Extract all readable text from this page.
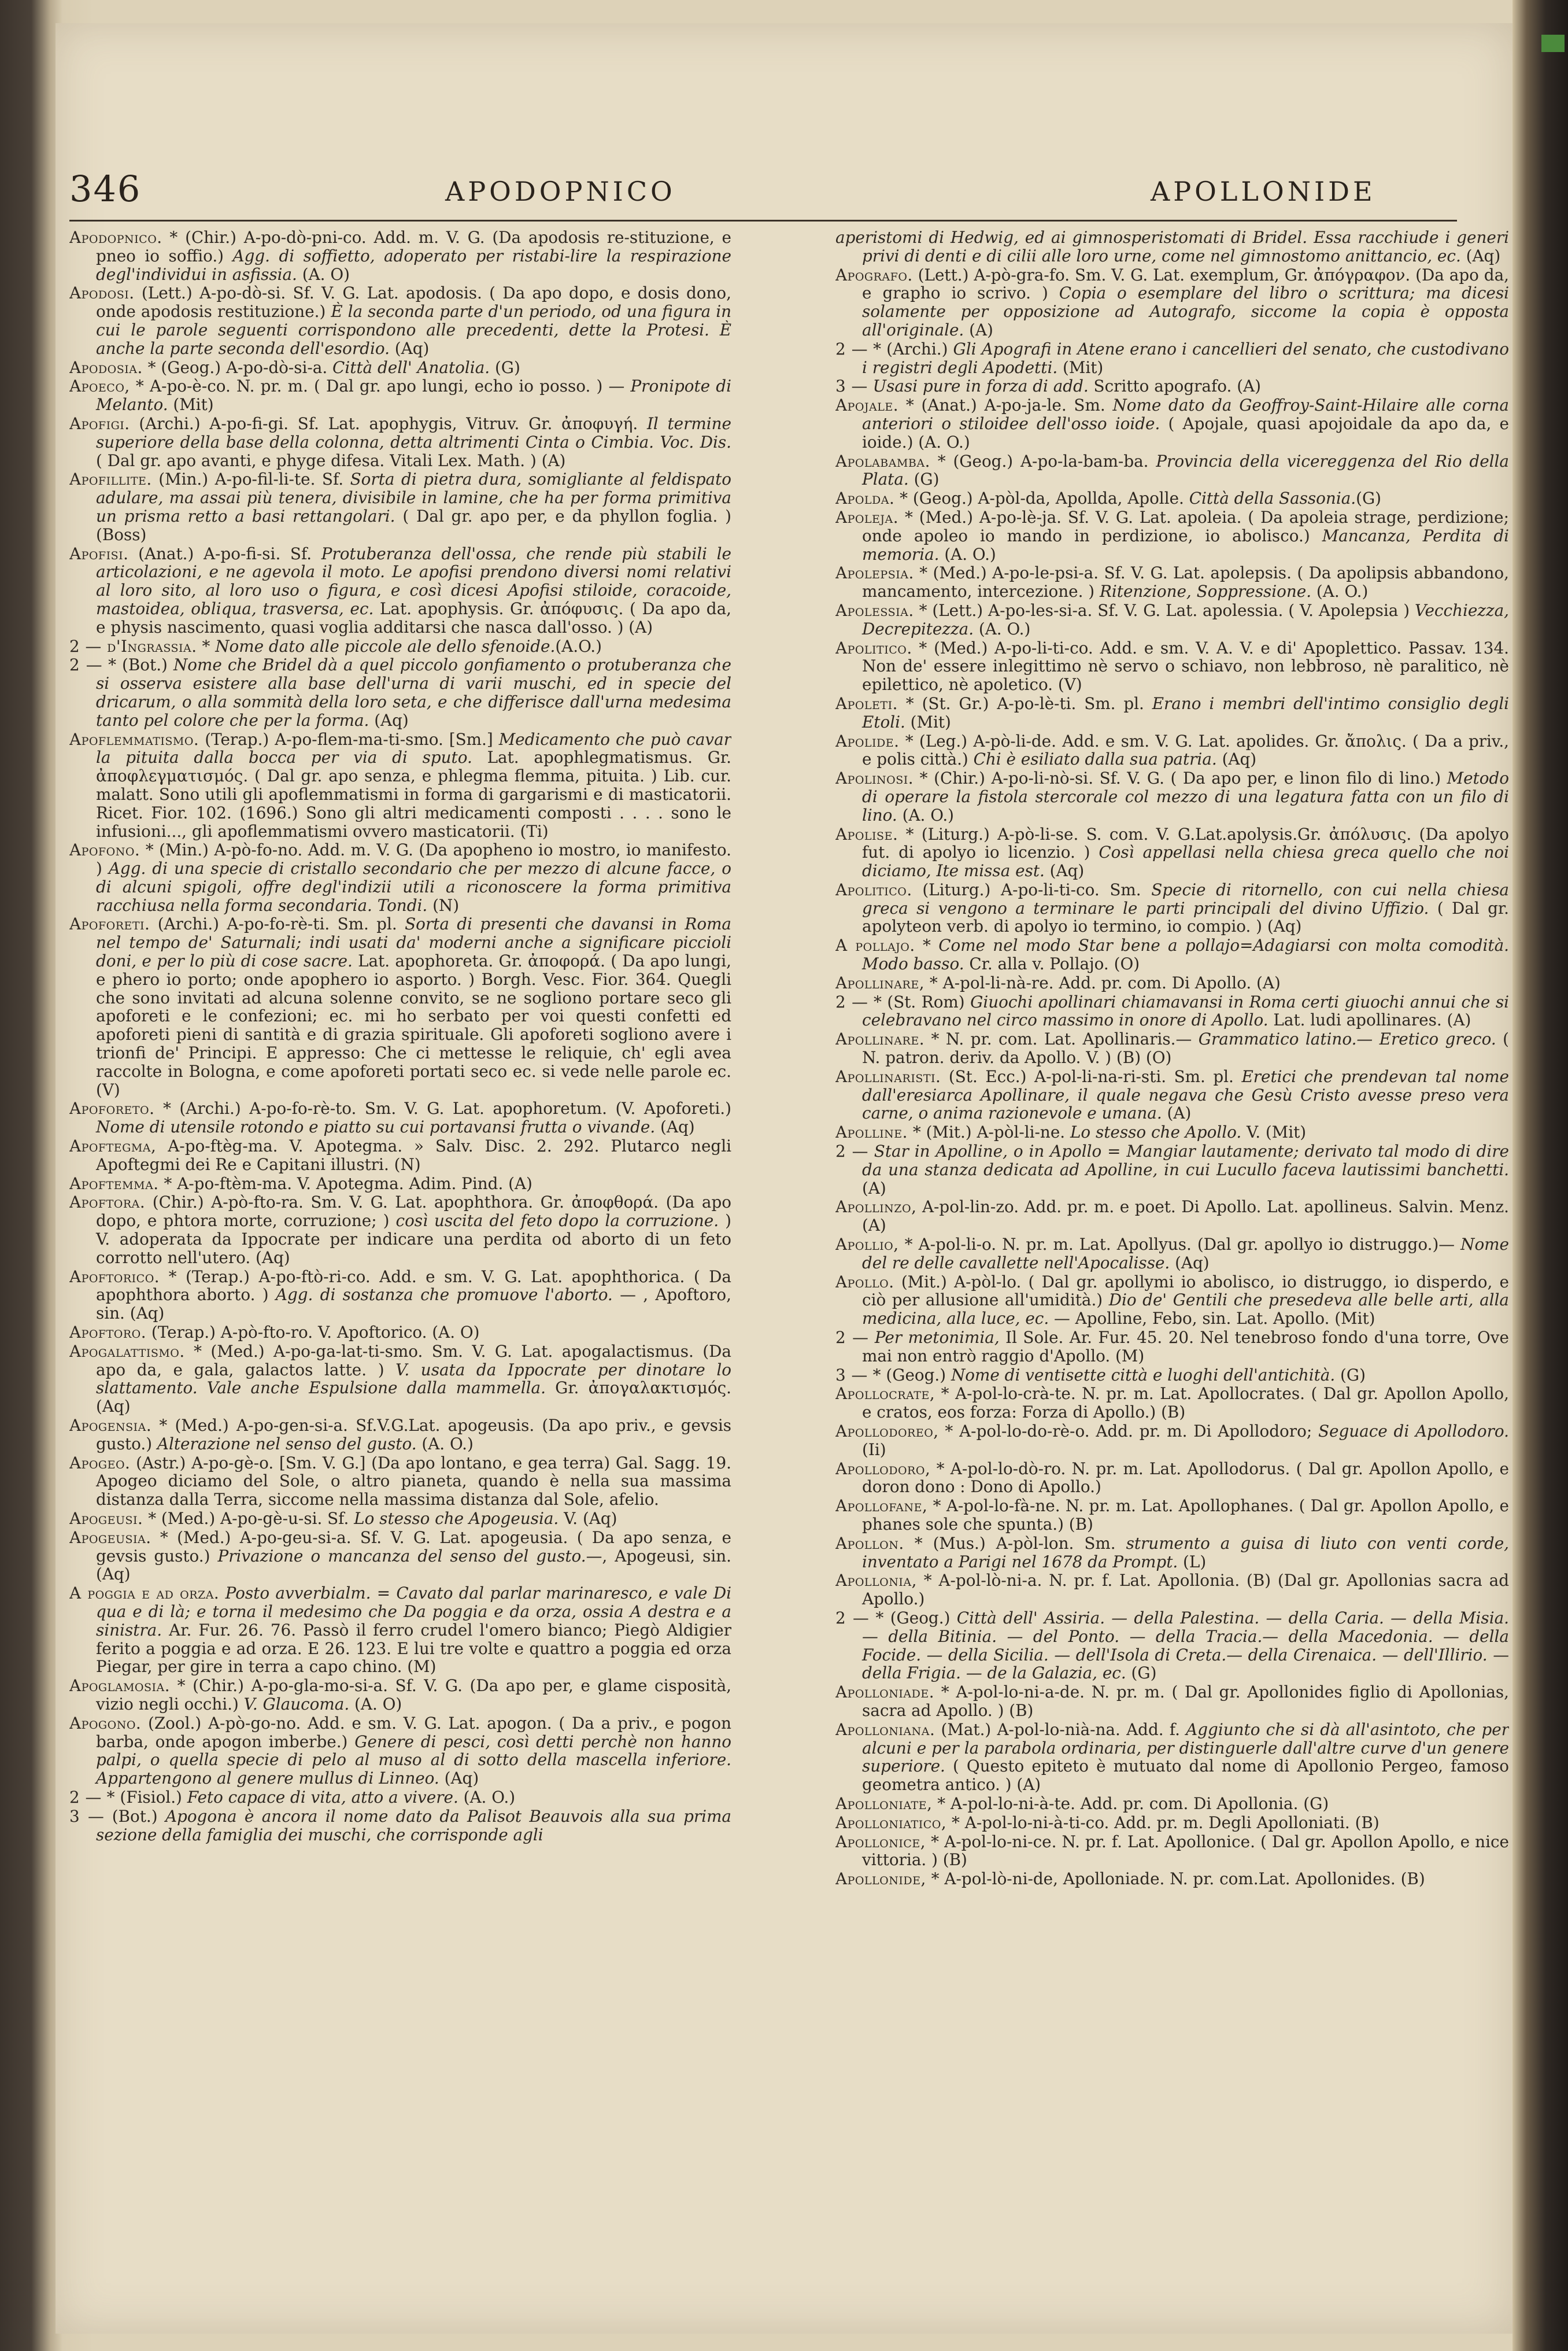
346	APODOPNICO	APOLLONIDE

Apodopnico. * (Chir.) A-po-dò-pni-co. Add. m. V. G. (Da apodosis re-stituzione, e pneo io soffio.) Agg. di soffietto, adoperato per ristabi-lire la respirazione degl'individui in asfissia. (A. O)

Apodosi. (Lett.) A-po-dò-si. Sf. V. G. Lat. apodosis. ( Da apo dopo, e dosis dono, onde apodosis restituzione.) È la seconda parte d'un periodo, od una figura in cui le parole seguenti corrispondono alle precedenti, dette la Protesi. È anche la parte seconda dell'esordio. (Aq)

Apodosia. * (Geog.) A-po-dò-si-a. Città dell' Anatolia. (G)

Apoeco, * A-po-è-co. N. pr. m. ( Dal gr. apo lungi, echo io posso. ) — Pronipote di Melanto. (Mit)

Apofigi. (Archi.) A-po-fi-gi. Sf. Lat. apophygis, Vitruv. Gr. ἀποφυγή. Il termine superiore della base della colonna, detta altrimenti Cinta o Cimbia. Voc. Dis. ( Dal gr. apo avanti, e phyge difesa. Vitali Lex. Math. ) (A)

Apofillite. (Min.) A-po-fil-li-te. Sf. Sorta di pietra dura, somigliante al feldispato adulare, ma assai più tenera, divisibile in lamine, che ha per forma primitiva un prisma retto a basi rettangolari. ( Dal gr. apo per, e da phyllon foglia. ) (Boss)

Apofisi. (Anat.) A-po-fi-si. Sf. Protuberanza dell'ossa, che rende più stabili le articolazioni, e ne agevola il moto. Le apofisi prendono diversi nomi relativi al loro sito, al loro uso o figura, e così dicesi Apofisi stiloide, coracoide, mastoidea, obliqua, trasversa, ec. Lat. apophysis. Gr. ἀπόφυσις. ( Da apo da, e physis nascimento, quasi voglia additarsi che nasca dall'osso. ) (A)

2 — d'Ingrassia. * Nome dato alle piccole ale dello sfenoide.(A.O.)

2 — * (Bot.) Nome che Bridel dà a quel piccolo gonfiamento o protuberanza che si osserva esistere alla base dell'urna di varii muschi, ed in specie del dricarum, o alla sommità della loro seta, e che differisce dall'urna medesima tanto pel colore che per la forma. (Aq)

Apoflemmatismo. (Terap.) A-po-flem-ma-ti-smo. [Sm.] Medicamento che può cavar la pituita dalla bocca per via di sputo. Lat. apophlegmatismus. Gr. ἀποφλεγματισμός. ( Dal gr. apo senza, e phlegma flemma, pituita. ) Lib. cur. malatt. Sono utili gli apoflemmatismi in forma di gargarismi e di masticatorii. Ricet. Fior. 102. (1696.) Sono gli altri medicamenti composti . . . . sono le infusioni..., gli apoflemmatismi ovvero masticatorii. (Ti)

Apofono. * (Min.) A-pò-fo-no. Add. m. V. G. (Da apopheno io mostro, io manifesto. ) Agg. di una specie di cristallo secondario che per mezzo di alcune facce, o di alcuni spigoli, offre degl'indizii utili a riconoscere la forma primitiva racchiusa nella forma secondaria. Tondi. (N)

Apoforeti. (Archi.) A-po-fo-rè-ti. Sm. pl. Sorta di presenti che davansi in Roma nel tempo de' Saturnali; indi usati da' moderni anche a significare piccioli doni, e per lo più di cose sacre. Lat. apophoreta. Gr. ἀποφορά. ( Da apo lungi, e phero io porto; onde apophero io asporto. ) Borgh. Vesc. Fior. 364. Quegli che sono invitati ad alcuna solenne convito, se ne sogliono portare seco gli apoforeti e le confezioni; ec. mi ho serbato per voi questi confetti ed apoforeti pieni di santità e di grazia spirituale. Gli apoforeti sogliono avere i trionfi de' Principi. E appresso: Che ci mettesse le reliquie, ch' egli avea raccolte in Bologna, e come apoforeti portati seco ec. si vede nelle parole ec. (V)

Apoforeto. * (Archi.) A-po-fo-rè-to. Sm. V. G. Lat. apophoretum. (V. Apoforeti.) Nome di utensile rotondo e piatto su cui portavansi frutta o vivande. (Aq)

Apoftegma, A-po-ftèg-ma. V. Apotegma. » Salv. Disc. 2. 292. Plutarco negli Apoftegmi dei Re e Capitani illustri. (N)

Apoftemma. * A-po-ftèm-ma. V. Apotegma. Adim. Pind. (A)

Apoftora. (Chir.) A-pò-fto-ra. Sm. V. G. Lat. apophthora. Gr. ἀποφθορά. (Da apo dopo, e phtora morte, corruzione; ) così uscita del feto dopo la corruzione. ) V. adoperata da Ippocrate per indicare una perdita od aborto di un feto corrotto nell'utero. (Aq)

Apoftorico. * (Terap.) A-po-ftò-ri-co. Add. e sm. V. G. Lat. apophthorica. ( Da apophthora aborto. ) Agg. di sostanza che promuove l'aborto. — , Apoftoro, sin. (Aq)

Apoftoro. (Terap.) A-pò-fto-ro. V. Apoftorico. (A. O)

Apogalattismo. * (Med.) A-po-ga-lat-ti-smo. Sm. V. G. Lat. apogalactismus. (Da apo da, e gala, galactos latte. ) V. usata da Ippocrate per dinotare lo slattamento. Vale anche Espulsione dalla mammella. Gr. ἀπογαλακτισμός. (Aq)

Apogensia. * (Med.) A-po-gen-si-a. Sf.V.G.Lat. apogeusis. (Da apo priv., e gevsis gusto.) Alterazione nel senso del gusto. (A. O.)

Apogeo. (Astr.) A-po-gè-o. [Sm. V. G.] (Da apo lontano, e gea terra) Gal. Sagg. 19. Apogeo diciamo del Sole, o altro pianeta, quando è nella sua massima distanza dalla Terra, siccome nella massima distanza dal Sole, afelio.

Apogeusi. * (Med.) A-po-gè-u-si. Sf. Lo stesso che Apogeusia. V. (Aq)

Apogeusia. * (Med.) A-po-geu-si-a. Sf. V. G. Lat. apogeusia. ( Da apo senza, e gevsis gusto.) Privazione o mancanza del senso del gusto.—, Apogeusi, sin. (Aq)

A poggia e ad orza. Posto avverbialm. = Cavato dal parlar marinaresco, e vale Di qua e di là; e torna il medesimo che Da poggia e da orza, ossia A destra e a sinistra. Ar. Fur. 26. 76. Passò il ferro crudel l'omero bianco; Piegò Aldigier ferito a poggia e ad orza. E 26. 123. E lui tre volte e quattro a poggia ed orza Piegar, per gire in terra a capo chino. (M)

Apoglamosia. * (Chir.) A-po-gla-mo-si-a. Sf. V. G. (Da apo per, e glame cisposità, vizio negli occhi.) V. Glaucoma. (A. O)

Apogono. (Zool.) A-pò-go-no. Add. e sm. V. G. Lat. apogon. ( Da a priv., e pogon barba, onde apogon imberbe.) Genere di pesci, così detti perchè non hanno palpi, o quella specie di pelo al muso al di sotto della mascella inferiore. Appartengono al genere mullus di Linneo. (Aq)

2 — * (Fisiol.) Feto capace di vita, atto a vivere. (A. O.)

3 — (Bot.) Apogona è ancora il nome dato da Palisot Beauvois alla sua prima sezione della famiglia dei muschi, che corrisponde agli

aperistomi di Hedwig, ed ai gimnosperistomati di Bridel. Essa racchiude i generi privi di denti e di cilii alle loro urne, come nel gimnostomo anittancio, ec. (Aq)

Apografo. (Lett.) A-pò-gra-fo. Sm. V. G. Lat. exemplum, Gr. ἀπόγραφον. (Da apo da, e grapho io scrivo. ) Copia o esemplare del libro o scrittura; ma dicesi solamente per opposizione ad Autografo, siccome la copia è opposta all'originale. (A)

2 — * (Archi.) Gli Apografi in Atene erano i cancellieri del senato, che custodivano i registri degli Apodetti. (Mit)

3 — Usasi pure in forza di add. Scritto apografo. (A)

Apojale. * (Anat.) A-po-ja-le. Sm. Nome dato da Geoffroy-Saint-Hilaire alle corna anteriori o stiloidee dell'osso ioide. ( Apojale, quasi apojoidale da apo da, e ioide.) (A. O.)

Apolabamba. * (Geog.) A-po-la-bam-ba. Provincia della vicereggenza del Rio della Plata. (G)

Apolda. * (Geog.) A-pòl-da, Apollda, Apolle. Città della Sassonia.(G)

Apoleja. * (Med.) A-po-lè-ja. Sf. V. G. Lat. apoleia. ( Da apoleia strage, perdizione; onde apoleo io mando in perdizione, io abolisco.) Mancanza, Perdita di memoria. (A. O.)

Apolepsia. * (Med.) A-po-le-psi-a. Sf. V. G. Lat. apolepsis. ( Da apolipsis abbandono, mancamento, intercezione. ) Ritenzione, Soppressione. (A. O.)

Apolessia. * (Lett.) A-po-les-si-a. Sf. V. G. Lat. apolessia. ( V. Apolepsia ) Vecchiezza, Decrepitezza. (A. O.)

Apolitico. * (Med.) A-po-li-ti-co. Add. e sm. V. A. V. e di' Apoplettico. Passav. 134. Non de' essere inlegittimo nè servo o schiavo, non lebbroso, nè paralitico, nè epilettico, nè apoletico. (V)

Apoleti. * (St. Gr.) A-po-lè-ti. Sm. pl. Erano i membri dell'intimo consiglio degli Etoli. (Mit)

Apolide. * (Leg.) A-pò-li-de. Add. e sm. V. G. Lat. apolides. Gr. ἄπολις. ( Da a priv., e polis città.) Chi è esiliato dalla sua patria. (Aq)

Apolinosi. * (Chir.) A-po-li-nò-si. Sf. V. G. ( Da apo per, e linon filo di lino.) Metodo di operare la fistola stercorale col mezzo di una legatura fatta con un filo di lino. (A. O.)

Apolise. * (Liturg.) A-pò-li-se. S. com. V. G.Lat.apolysis.Gr. ἀπόλυσις. (Da apolyo fut. di apolyo io licenzio. ) Così appellasi nella chiesa greca quello che noi diciamo, Ite missa est. (Aq)

Apolitico. (Liturg.) A-po-li-ti-co. Sm. Specie di ritornello, con cui nella chiesa greca si vengono a terminare le parti principali del divino Uffizio. ( Dal gr. apolyteon verb. di apolyo io termino, io compio. ) (Aq)

A pollajo. * Come nel modo Star bene a pollajo=Adagiarsi con molta comodità. Modo basso. Cr. alla v. Pollajo. (O)

Apollinare, * A-pol-li-nà-re. Add. pr. com. Di Apollo. (A)

2 — * (St. Rom) Giuochi apollinari chiamavansi in Roma certi giuochi annui che si celebravano nel circo massimo in onore di Apollo. Lat. ludi apollinares. (A)

Apollinare. * N. pr. com. Lat. Apollinaris.— Grammatico latino.— Eretico greco. ( N. patron. deriv. da Apollo. V. ) (B) (O)

Apollinaristi. (St. Ecc.) A-pol-li-na-ri-sti. Sm. pl. Eretici che prendevan tal nome dall'eresiarca Apollinare, il quale negava che Gesù Cristo avesse preso vera carne, o anima razionevole e umana. (A)

Apolline. * (Mit.) A-pòl-li-ne. Lo stesso che Apollo. V. (Mit)

2 — Star in Apolline, o in Apollo = Mangiar lautamente; derivato tal modo di dire da una stanza dedicata ad Apolline, in cui Lucullo faceva lautissimi banchetti. (A)

Apollinzo, A-pol-lin-zo. Add. pr. m. e poet. Di Apollo. Lat. apollineus. Salvin. Menz. (A)

Apollio, * A-pol-li-o. N. pr. m. Lat. Apollyus. (Dal gr. apollyo io distruggo.)— Nome del re delle cavallette nell'Apocalisse. (Aq)

Apollo. (Mit.) A-pòl-lo. ( Dal gr. apollymi io abolisco, io distruggo, io disperdo, e ciò per allusione all'umidità.) Dio de' Gentili che presedeva alle belle arti, alla medicina, alla luce, ec. — Apolline, Febo, sin. Lat. Apollo. (Mit)

2 — Per metonimia, Il Sole. Ar. Fur. 45. 20. Nel tenebroso fondo d'una torre, Ove mai non entrò raggio d'Apollo. (M)

3 — * (Geog.) Nome di ventisette città e luoghi dell'antichità. (G)

Apollocrate, * A-pol-lo-crà-te. N. pr. m. Lat. Apollocrates. ( Dal gr. Apollon Apollo, e cratos, eos forza: Forza di Apollo.) (B)

Apollodoreo, * A-pol-lo-do-rè-o. Add. pr. m. Di Apollodoro; Seguace di Apollodoro. (Ii)

Apollodoro, * A-pol-lo-dò-ro. N. pr. m. Lat. Apollodorus. ( Dal gr. Apollon Apollo, e doron dono : Dono di Apollo.)

Apollofane, * A-pol-lo-fà-ne. N. pr. m. Lat. Apollophanes. ( Dal gr. Apollon Apollo, e phanes sole che spunta.) (B)

Apollon. * (Mus.) A-pòl-lon. Sm. strumento a guisa di liuto con venti corde, inventato a Parigi nel 1678 da Prompt. (L)

Apollonia, * A-pol-lò-ni-a. N. pr. f. Lat. Apollonia. (B) (Dal gr. Apollonias sacra ad Apollo.)

2 — * (Geog.) Città dell' Assiria. — della Palestina. — della Caria. — della Misia. — della Bitinia. — del Ponto. — della Tracia.— della Macedonia. — della Focide. — della Sicilia. — dell'Isola di Creta.— della Cirenaica. — dell'Illirio. — della Frigia. — de la Galazia, ec. (G)

Apolloniade. * A-pol-lo-ni-a-de. N. pr. m. ( Dal gr. Apollonides figlio di Apollonias, sacra ad Apollo. ) (B)

Apolloniana. (Mat.) A-pol-lo-nià-na. Add. f. Aggiunto che si dà all'asintoto, che per alcuni e per la parabola ordinaria, per distinguerle dall'altre curve d'un genere superiore. ( Questo epiteto è mutuato dal nome di Apollonio Pergeo, famoso geometra antico. ) (A)

Apolloniate, * A-pol-lo-ni-à-te. Add. pr. com. Di Apollonia. (G)

Apolloniatico, * A-pol-lo-ni-à-ti-co. Add. pr. m. Degli Apolloniati. (B)

Apollonice, * A-pol-lo-ni-ce. N. pr. f. Lat. Apollonice. ( Dal gr. Apollon Apollo, e nice vittoria. ) (B)

Apollonide, * A-pol-lò-ni-de, Apolloniade. N. pr. com.Lat. Apollonides. (B)
